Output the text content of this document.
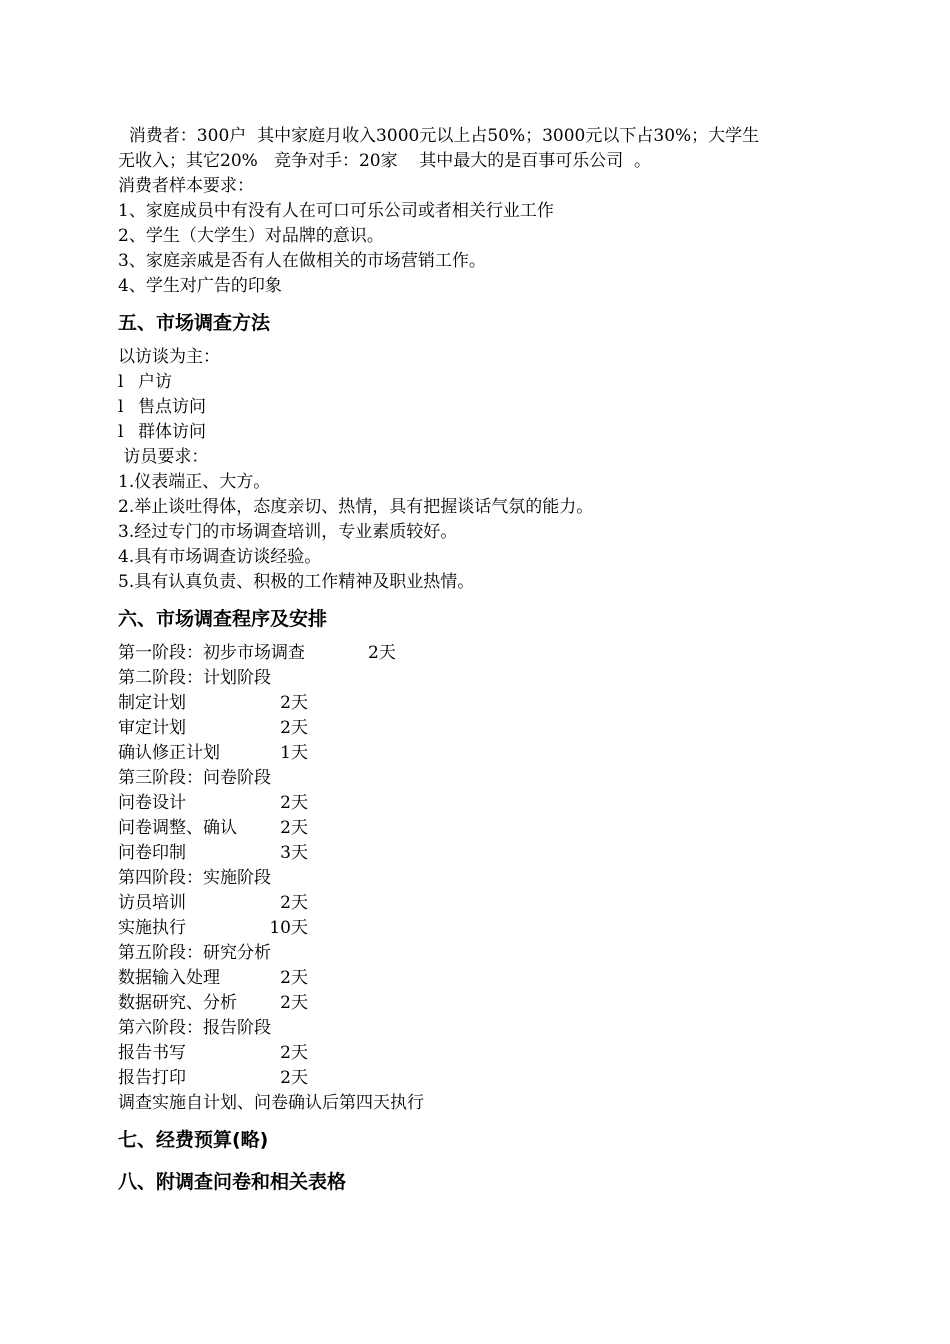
消费者：300户  其中家庭月收入3000元以上占50%；3000元以下占30%；大学生
无收入；其它20%   竞争对手：20家    其中最大的是百事可乐公司  。
消费者样本要求：
1、家庭成员中有没有人在可口可乐公司或者相关行业工作
2、学生（大学生）对品牌的意识。
3、家庭亲戚是否有人在做相关的市场营销工作。
4、学生对广告的印象
五、市场调查方法
以访谈为主：
l 户访
l 售点访问
l 群体访问
访员要求：
1.仪表端正、大方。
2.举止谈吐得体，态度亲切、热情，具有把握谈话气氛的能力。
3.经过专门的市场调查培训，专业素质较好。
4.具有市场调查访谈经验。
5.具有认真负责、积极的工作精神及职业热情。
六、市场调查程序及安排
第一阶段：初步市场调查	2天
第二阶段：计划阶段
制定计划	2天
审定计划	2天
确认修正计划	1天
第三阶段：问卷阶段
问卷设计	2天
问卷调整、确认	2天
问卷印制	3天
第四阶段：实施阶段
访员培训	2天
实施执行	10天
第五阶段：研究分析
数据输入处理	2天
数据研究、分析	2天
第六阶段：报告阶段
报告书写	2天
报告打印	2天
调查实施自计划、问卷确认后第四天执行
七、经费预算(略)
八、附调查问卷和相关表格
